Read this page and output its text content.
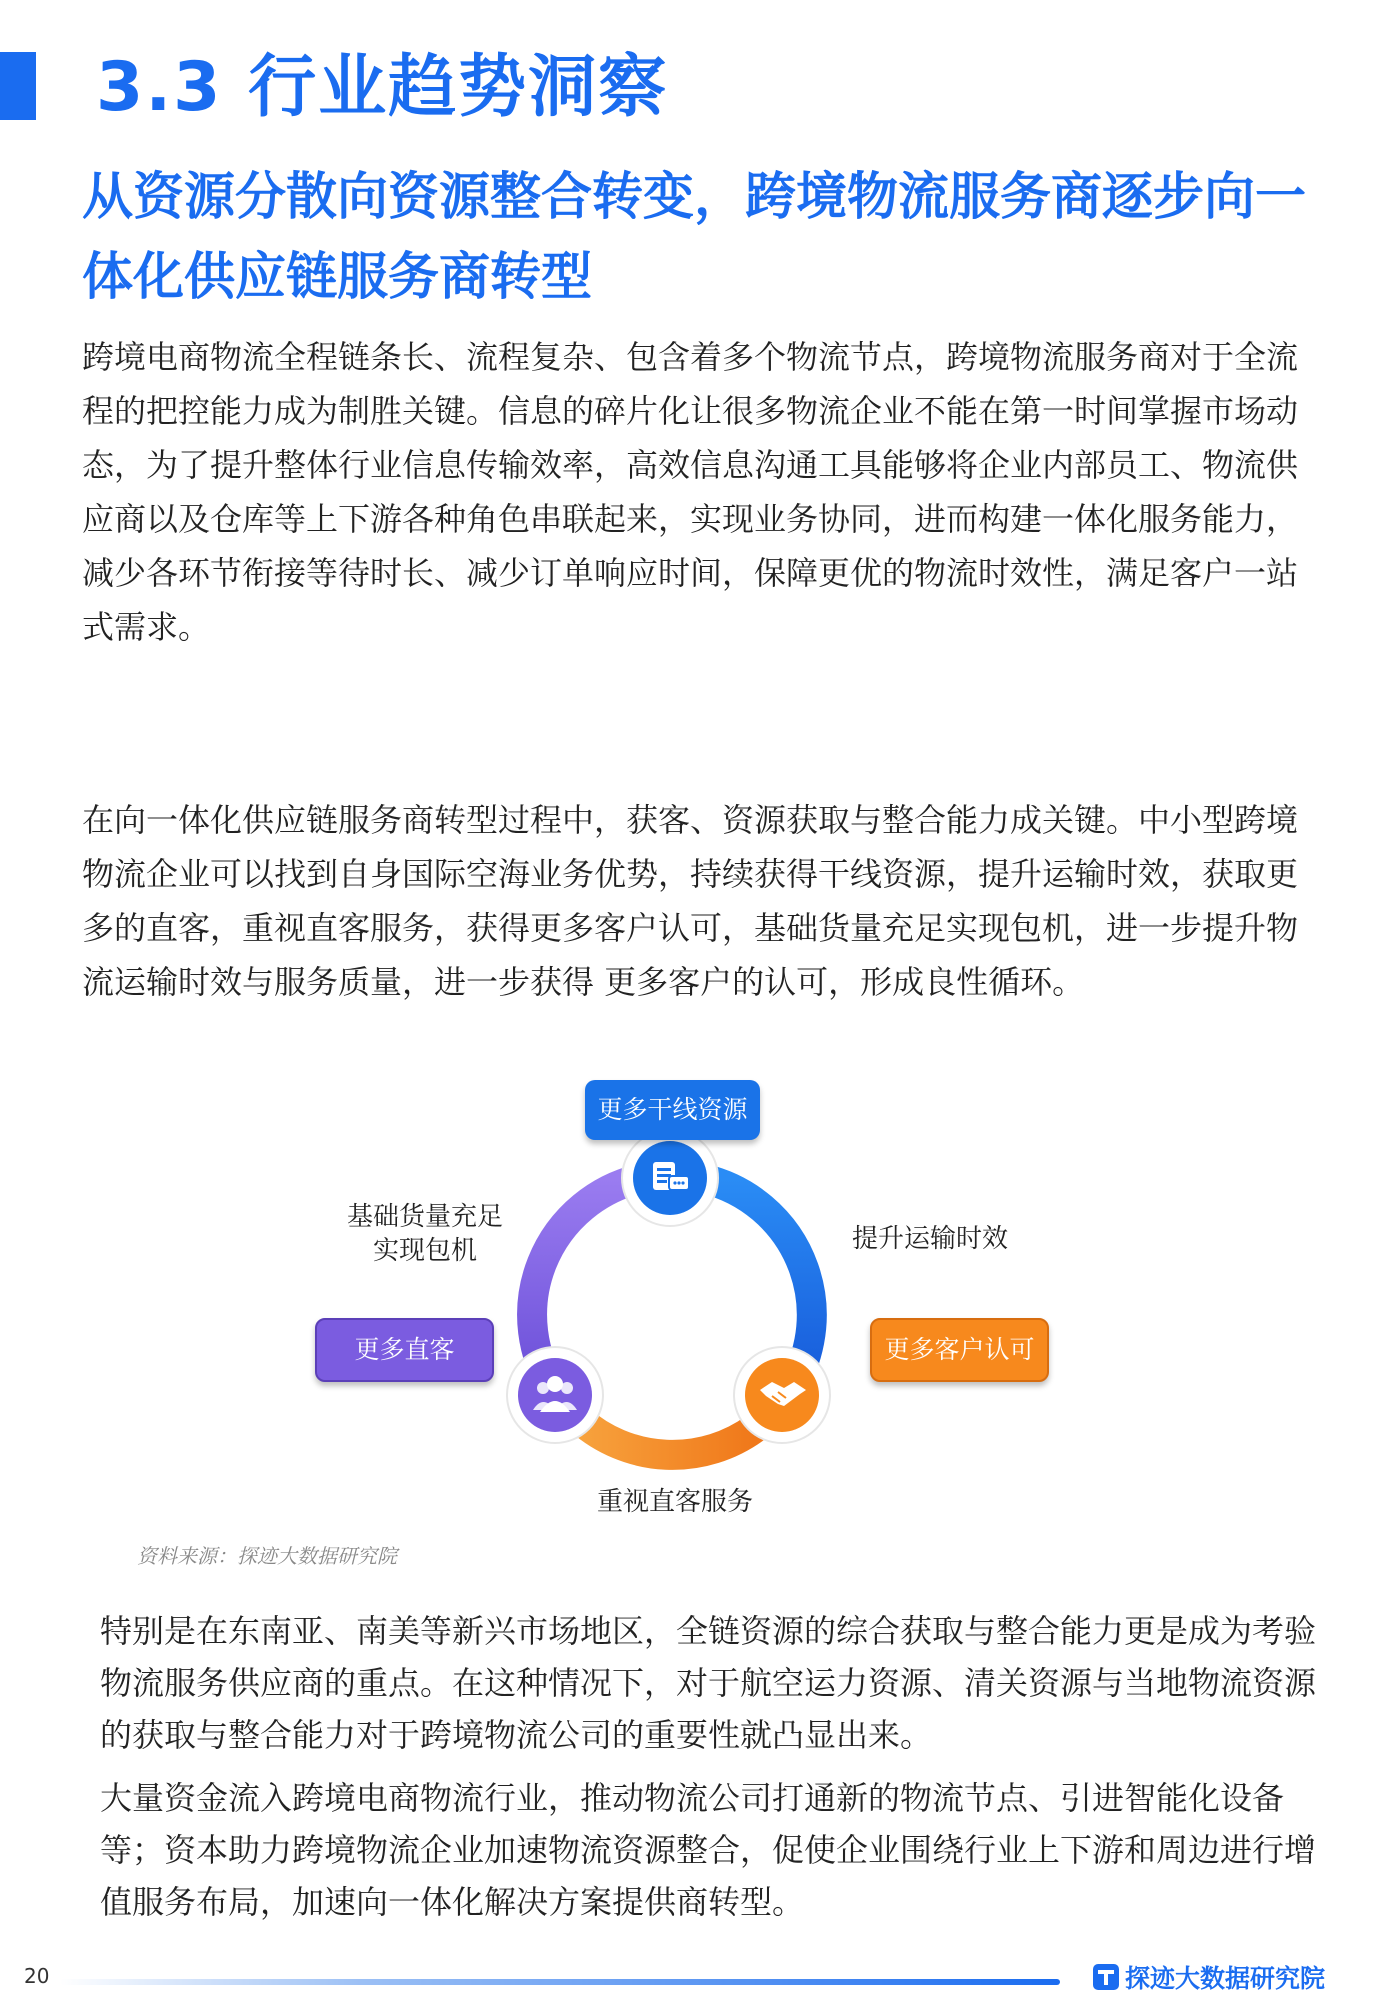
3.3 行业趋势洞察
从资源分散向资源整合转变，跨境物流服务商逐步向一体化供应链服务商转型

跨境电商物流全程链条长、流程复杂、包含着多个物流节点，跨境物流服务商对于全流程的把控能力成为制胜关键。信息的碎片化让很多物流企业不能在第一时间掌握市场动态，为了提升整体行业信息传输效率，高效信息沟通工具能够将企业内部员工、物流供应商以及仓库等上下游各种角色串联起来，实现业务协同，进而构建一体化服务能力，减少各环节衔接等待时长、减少订单响应时间，保障更优的物流时效性，满足客户一站式需求。

在向一体化供应链服务商转型过程中，获客、资源获取与整合能力成关键。中小型跨境物流企业可以找到自身国际空海业务优势，持续获得干线资源，提升运输时效，获取更多的直客，重视直客服务，获得更多客户认可，基础货量充足实现包机，进一步提升物流运输时效与服务质量，进一步获得 更多客户的认可，形成良性循环。

更多干线资源
更多直客	更多客户认可
基础货量充足实现包机	提升运输时效
重视直客服务

资料来源：探迹大数据研究院

特别是在东南亚、南美等新兴市场地区，全链资源的综合获取与整合能力更是成为考验物流服务供应商的重点。在这种情况下，对于航空运力资源、清关资源与当地物流资源的获取与整合能力对于跨境物流公司的重要性就凸显出来。

大量资金流入跨境电商物流行业，推动物流公司打通新的物流节点、引进智能化设备等；资本助力跨境物流企业加速物流资源整合，促使企业围绕行业上下游和周边进行增值服务布局，加速向一体化解决方案提供商转型。

20	探迹大数据研究院
